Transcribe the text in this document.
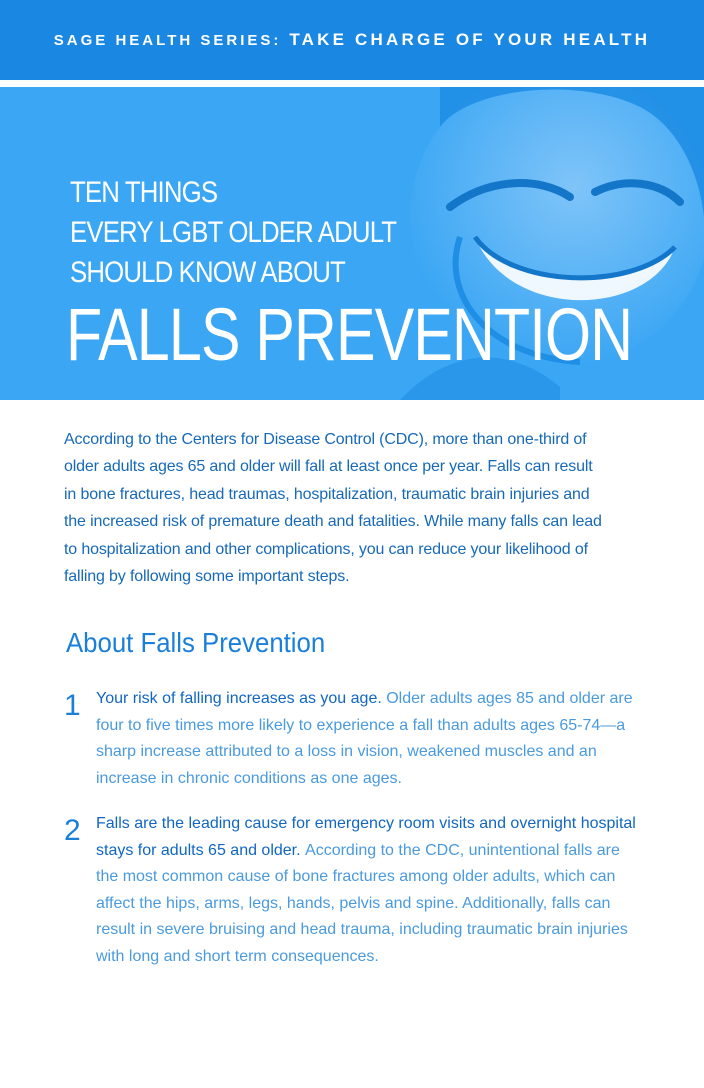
SAGE HEALTH SERIES: TAKE CHARGE OF YOUR HEALTH
TEN THINGS
EVERY LGBT OLDER ADULT
SHOULD KNOW ABOUT
FALLS PREVENTION
According to the Centers for Disease Control (CDC), more than one-third of
older adults ages 65 and older will fall at least once per year. Falls can result
in bone fractures, head traumas, hospitalization, traumatic brain injuries and
the increased risk of premature death and fatalities. While many falls can lead
to hospitalization and other complications, you can reduce your likelihood of
falling by following some important steps.
About Falls Prevention
1 Your risk of falling increases as you age. Older adults ages 85 and older are four to five times more likely to experience a fall than adults ages 65-74—a sharp increase attributed to a loss in vision, weakened muscles and an increase in chronic conditions as one ages.
2 Falls are the leading cause for emergency room visits and overnight hospital stays for adults 65 and older. According to the CDC, unintentional falls are the most common cause of bone fractures among older adults, which can affect the hips, arms, legs, hands, pelvis and spine. Additionally, falls can result in severe bruising and head trauma, including traumatic brain injuries with long and short term consequences.
